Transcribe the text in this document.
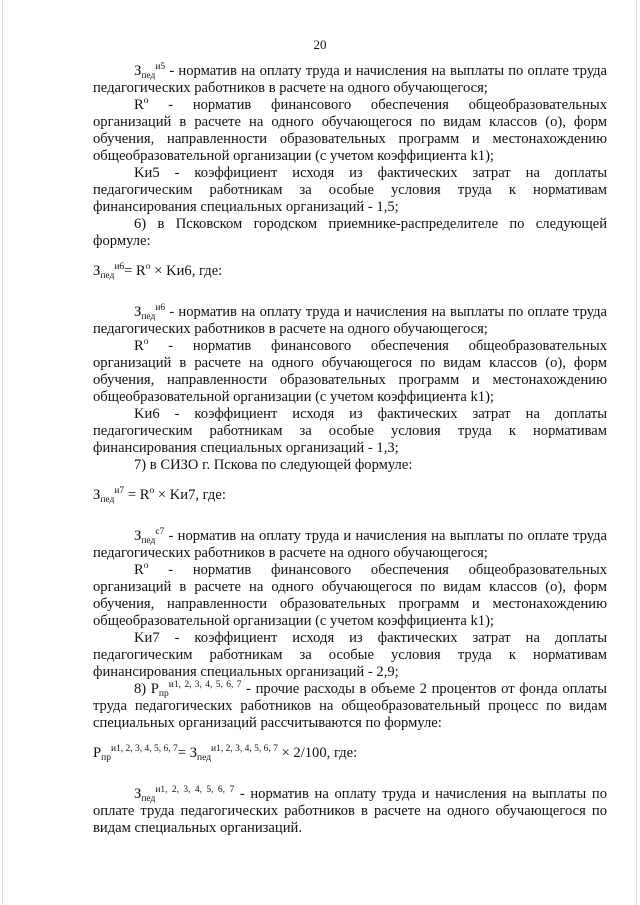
20

$З_{пед}^{и5}$ - норматив на оплату труда и начисления на выплаты по оплате труда педагогических работников в расчете на одного обучающегося;

$R^o$ - норматив финансового обеспечения общеобразовательных организаций в расчете на одного обучающегося по видам классов (о), форм обучения, направленности образовательных программ и местонахождению общеобразовательной организации (с учетом коэффициента k1);

Kи5 - коэффициент исходя из фактических затрат на доплаты педагогическим работникам за особые условия труда к нормативам финансирования специальных организаций - 1,5;

6) в Псковском городском приемнике-распределителе по следующей формуле:

$З_{пед}^{и6}= R^o \times Kи6$, где:

$З_{пед}^{и6}$ - норматив на оплату труда и начисления на выплаты по оплате труда педагогических работников в расчете на одного обучающегося;

$R^o$ - норматив финансового обеспечения общеобразовательных организаций в расчете на одного обучающегося по видам классов (о), форм обучения, направленности образовательных программ и местонахождению общеобразовательной организации (с учетом коэффициента k1);

Kи6 - коэффициент исходя из фактических затрат на доплаты педагогическим работникам за особые условия труда к нормативам финансирования специальных организаций - 1,3;

7) в СИЗО г. Пскова по следующей формуле:

$З_{пед}^{и7} = R^o \times Kи7$, где:

$З_{пед}^{с7}$ - норматив на оплату труда и начисления на выплаты по оплате труда педагогических работников в расчете на одного обучающегося;

$R^o$ - норматив финансового обеспечения общеобразовательных организаций в расчете на одного обучающегося по видам классов (о), форм обучения, направленности образовательных программ и местонахождению общеобразовательной организации (с учетом коэффициента k1);

Kи7 - коэффициент исходя из фактических затрат на доплаты педагогическим работникам за особые условия труда к нормативам финансирования специальных организаций - 2,9;

8) $P_{пр}^{и1, 2, 3, 4, 5, 6, 7}$ - прочие расходы в объеме 2 процентов от фонда оплаты труда педагогических работников на общеобразовательный процесс по видам специальных организаций рассчитываются по формуле:

$P_{пр}^{и1, 2, 3, 4, 5, 6, 7}= З_{пед}^{и1, 2, 3, 4, 5, 6, 7} \times 2/100$, где:

$З_{пед}^{и1, 2, 3, 4, 5, 6, 7}$ - норматив на оплату труда и начисления на выплаты по оплате труда педагогических работников в расчете на одного обучающегося по видам специальных организаций.
